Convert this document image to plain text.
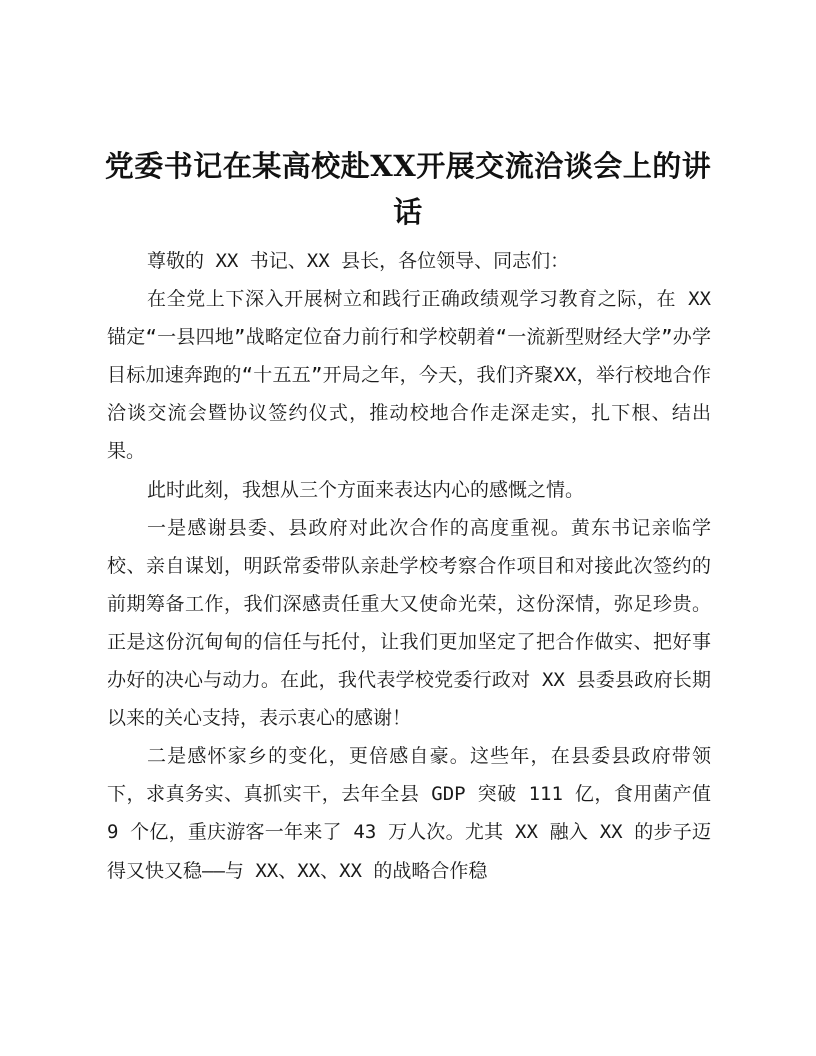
党委书记在某高校赴XX开展交流洽谈会上的讲话

尊敬的 XX 书记、XX 县长，各位领导、同志们：

在全党上下深入开展树立和践行正确政绩观学习教育之际，在 XX 锚定“一县四地”战略定位奋力前行和学校朝着“一流新型财经大学”办学目标加速奔跑的“十五五”开局之年，今天，我们齐聚XX，举行校地合作洽谈交流会暨协议签约仪式，推动校地合作走深走实，扎下根、结出果。

此时此刻，我想从三个方面来表达内心的感慨之情。

一是感谢县委、县政府对此次合作的高度重视。黄东书记亲临学校、亲自谋划，明跃常委带队亲赴学校考察合作项目和对接此次签约的前期筹备工作，我们深感责任重大又使命光荣，这份深情，弥足珍贵。正是这份沉甸甸的信任与托付，让我们更加坚定了把合作做实、把好事办好的决心与动力。在此，我代表学校党委行政对 XX 县委县政府长期以来的关心支持，表示衷心的感谢！

二是感怀家乡的变化，更倍感自豪。这些年，在县委县政府带领下，求真务实、真抓实干，去年全县 GDP 突破 111 亿，食用菌产值 9 个亿，重庆游客一年来了 43 万人次。尤其 XX 融入 XX 的步子迈得又快又稳——与 XX、XX、XX 的战略合作稳
